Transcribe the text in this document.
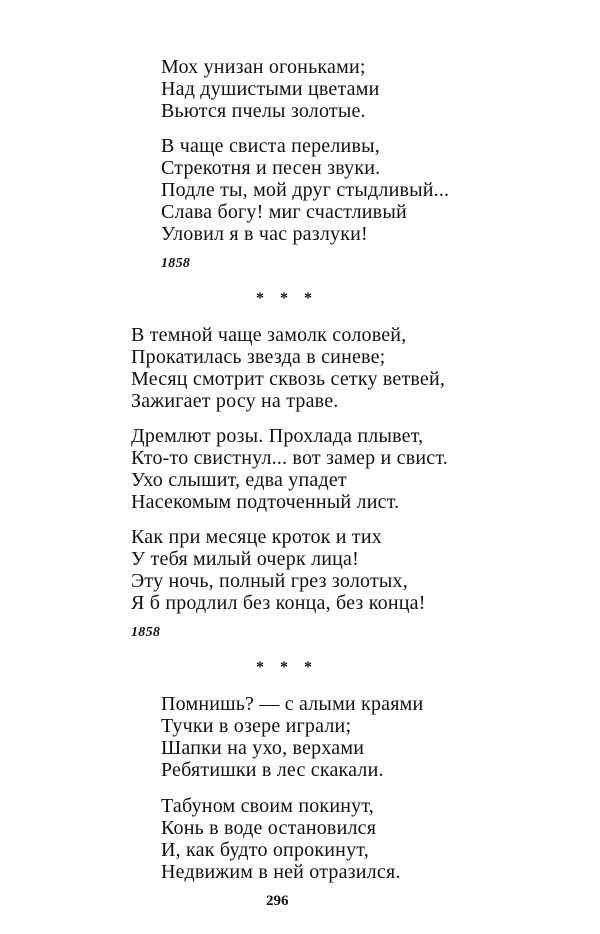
Мох унизан огоньками;
Над душистыми цветами
Вьются пчелы золотые.
В чаще свиста переливы,
Стрекотня и песен звуки.
Подле ты, мой друг стыдливый...
Слава богу! миг счастливый
Уловил я в час разлуки!
1858
* * *
В темной чаще замолк соловей,
Прокатилась звезда в синеве;
Месяц смотрит сквозь сетку ветвей,
Зажигает росу на траве.
Дремлют розы. Прохлада плывет,
Кто-то свистнул... вот замер и свист.
Ухо слышит, едва упадет
Насекомым подточенный лист.
Как при месяце кроток и тих
У тебя милый очерк лица!
Эту ночь, полный грез золотых,
Я б продлил без конца, без конца!
1858
* * *
Помнишь? — с алыми краями
Тучки в озере играли;
Шапки на ухо, верхами
Ребятишки в лес скакали.
Табуном своим покинут,
Конь в воде остановился
И, как будто опрокинут,
Недвижим в ней отразился.
296
